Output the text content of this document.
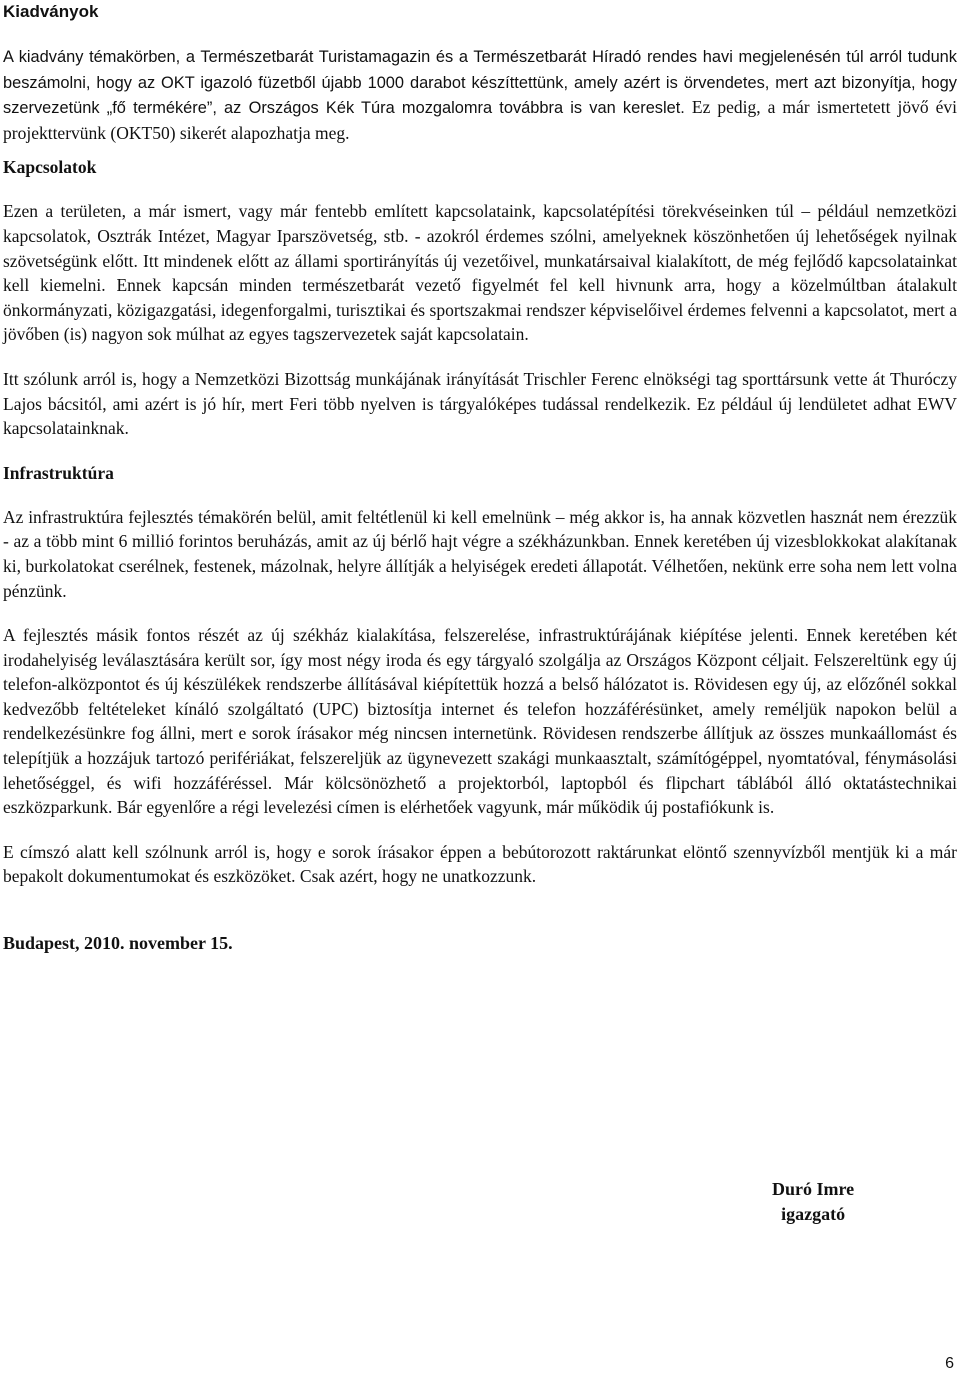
Kiadványok

A kiadvány témakörben, a Természetbarát Turistamagazin és a Természetbarát Híradó rendes havi megjelenésén túl arról tudunk beszámolni, hogy az OKT igazoló füzetből újabb 1000 darabot készíttettünk, amely azért is örvendetes, mert azt bizonyítja, hogy szervezetünk „fő termékére”, az Országos Kék Túra mozgalomra továbbra is van kereslet. Ez pedig, a már ismertetett jövő évi projekttervünk (OKT50) sikerét alapozhatja meg.

Kapcsolatok

Ezen a területen, a már ismert, vagy már fentebb említett kapcsolataink, kapcsolatépítési törekvéseinken túl – például nemzetközi kapcsolatok, Osztrák Intézet, Magyar Iparszövetség, stb. - azokról érdemes szólni, amelyeknek köszönhetően új lehetőségek nyilnak szövetségünk előtt. Itt mindenek előtt az állami sportirányítás új vezetőivel, munkatársaival kialakított, de még fejlődő kapcsolatainkat kell kiemelni. Ennek kapcsán minden természetbarát vezető figyelmét fel kell hivnunk arra, hogy a közelmúltban átalakult önkormányzati, közigazgatási, idegenforgalmi, turisztikai és sportszakmai rendszer képviselőivel érdemes felvenni a kapcsolatot, mert a jövőben (is) nagyon sok múlhat az egyes tagszervezetek saját kapcsolatain.

Itt szólunk arról is, hogy a Nemzetközi Bizottság munkájának irányítását Trischler Ferenc elnökségi tag sporttársunk vette át Thuróczy Lajos bácsitól, ami azért is jó hír, mert Feri több nyelven is tárgyalóképes tudással rendelkezik. Ez például új lendületet adhat EWV kapcsolatainknak.

Infrastruktúra

Az infrastruktúra fejlesztés témakörén belül, amit feltétlenül ki kell emelnünk – még akkor is, ha annak közvetlen hasznát nem érezzük - az a több mint 6 millió forintos beruházás, amit az új bérlő hajt végre a székházunkban. Ennek keretében új vizesblokkokat alakítanak ki, burkolatokat cserélnek, festenek, mázolnak, helyre állítják a helyiségek eredeti állapotát. Vélhetően, nekünk erre soha nem lett volna pénzünk.

A fejlesztés másik fontos részét az új székház kialakítása, felszerelése, infrastruktúrájának kiépítése jelenti. Ennek keretében két irodahelyiség leválasztására került sor, így most négy iroda és egy tárgyaló szolgálja az Országos Központ céljait. Felszereltünk egy új telefon-alközpontot és új készülékek rendszerbe állításával kiépítettük hozzá a belső hálózatot is. Rövidesen egy új, az előzőnél sokkal kedvezőbb feltételeket kínáló szolgáltató (UPC) biztosítja internet és telefon hozzáférésünket, amely reméljük napokon belül a rendelkezésünkre fog állni, mert e sorok írásakor még nincsen internetünk. Rövidesen rendszerbe állítjuk az összes munkaállomást és telepítjük a hozzájuk tartozó perifériákat, felszereljük az ügynevezett szakági munkaasztalt, számítógéppel, nyomtatóval, fénymásolási lehetőséggel, és wifi hozzáféréssel. Már kölcsönözhető a projektorból, laptopból és flipchart táblából álló oktatástechnikai eszközparkunk. Bár egyenlőre a régi levelezési címen is elérhetőek vagyunk, már működik új postafiókunk is.

E címszó alatt kell szólnunk arról is, hogy e sorok írásakor éppen a bebútorozott raktárunkat elöntő szennyvízből mentjük ki a már bepakolt dokumentumokat és eszközöket. Csak azért, hogy ne unatkozzunk.

Budapest, 2010. november 15.

Duró Imre
igazgató
6
